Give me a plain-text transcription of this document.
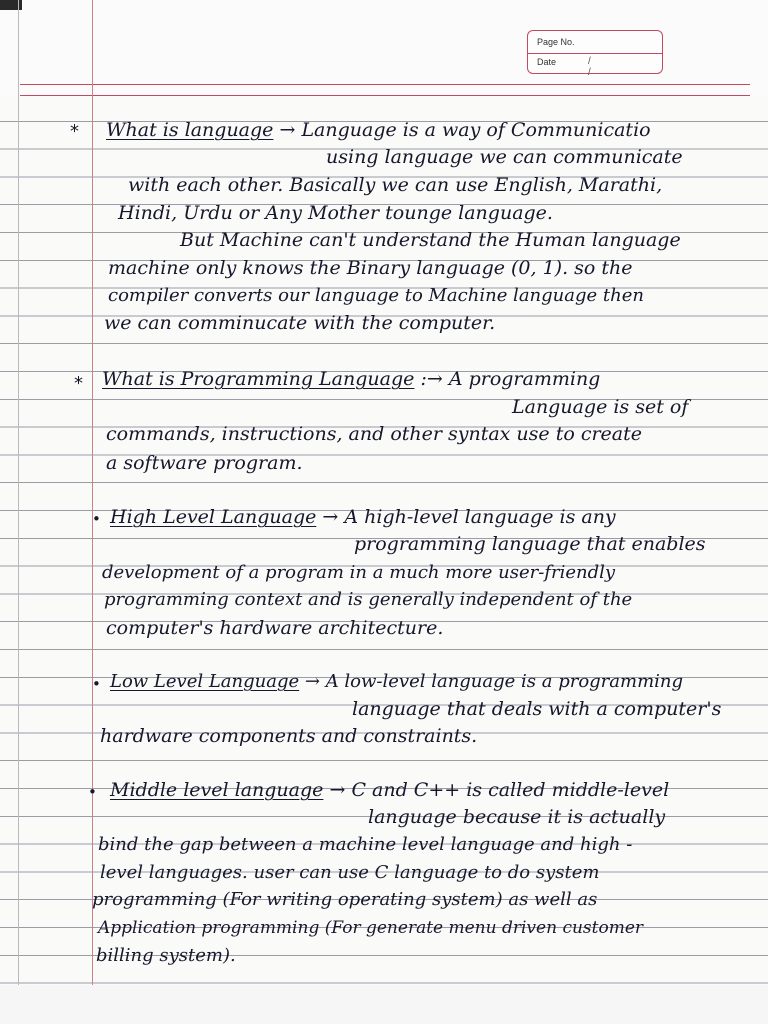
Page No.
Date	/ /
* What is language → Language is a way of Communicatio

using language we can communicate

with each other. Basically we can use English, Marathi,

Hindi, Urdu or Any Mother tounge language.

But Machine can't understand the Human language

machine only knows the Binary language (0, 1). so the

compiler converts our language to Machine language then

we can comminucate with the computer.

* What is Programming Language :→ A programming

Language is set of

commands, instructions, and other syntax use to create

a software program.

• High Level Language → A high-level language is any

programming language that enables

development of a program in a much more user-friendly

programming context and is generally independent of the

computer's hardware architecture.

• Low Level Language → A low-level language is a programming

language that deals with a computer's

hardware components and constraints.

• Middle level language → C and C++ is called middle-level

language because it is actually

bind the gap between a machine level language and high -

level languages. user can use C language to do system

programming (For writing operating system) as well as

Application programming (For generate menu driven customer

billing system).
